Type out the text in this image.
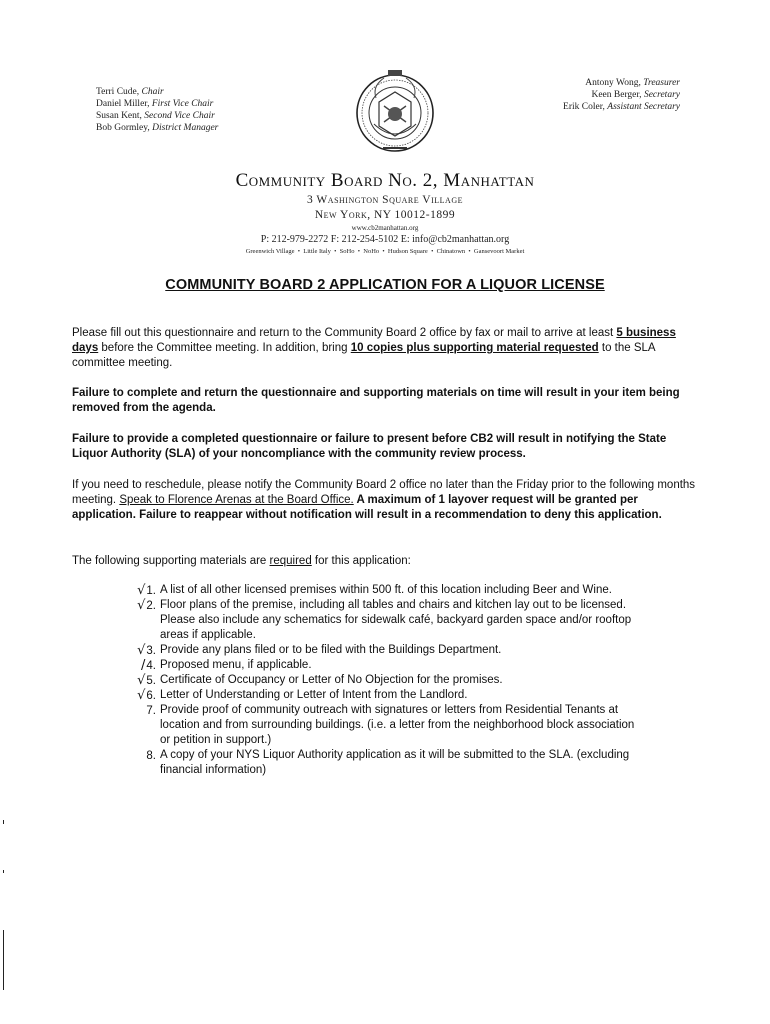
Terri Cude, Chair
Daniel Miller, First Vice Chair
Susan Kent, Second Vice Chair
Bob Gormley, District Manager
Antony Wong, Treasurer
Keen Berger, Secretary
Erik Coler, Assistant Secretary
Community Board No. 2, Manhattan
3 Washington Square Village
New York, NY 10012-1899
www.cb2manhattan.org
P: 212-979-2272 F: 212-254-5102 E: info@cb2manhattan.org
Greenwich Village  •  Little Italy  •  SoHo  •  NoHo  •  Hudson Square  •  Chinatown  •  Gansevoort Market
COMMUNITY BOARD 2 APPLICATION FOR A LIQUOR LICENSE
Please fill out this questionnaire and return to the Community Board 2 office by fax or mail to arrive at least 5 business days before the Committee meeting. In addition, bring 10 copies plus supporting material requested to the SLA committee meeting.
Failure to complete and return the questionnaire and supporting materials on time will result in your item being removed from the agenda.
Failure to provide a completed questionnaire or failure to present before CB2 will result in notifying the State Liquor Authority (SLA) of your noncompliance with the community review process.
If you need to reschedule, please notify the Community Board 2 office no later than the Friday prior to the following months meeting. Speak to Florence Arenas at the Board Office. A maximum of 1 layover request will be granted per application. Failure to reappear without notification will result in a recommendation to deny this application.
The following supporting materials are required for this application:
√1. A list of all other licensed premises within 500 ft. of this location including Beer and Wine.
√2. Floor plans of the premise, including all tables and chairs and kitchen lay out to be licensed. Please also include any schematics for sidewalk café, backyard garden space and/or rooftop areas if applicable.
√3. Provide any plans filed or to be filed with the Buildings Department.
/4. Proposed menu, if applicable.
√5. Certificate of Occupancy or Letter of No Objection for the promises.
√6. Letter of Understanding or Letter of Intent from the Landlord.
7. Provide proof of community outreach with signatures or letters from Residential Tenants at location and from surrounding buildings. (i.e. a letter from the neighborhood block association or petition in support.)
8. A copy of your NYS Liquor Authority application as it will be submitted to the SLA. (excluding financial information)
